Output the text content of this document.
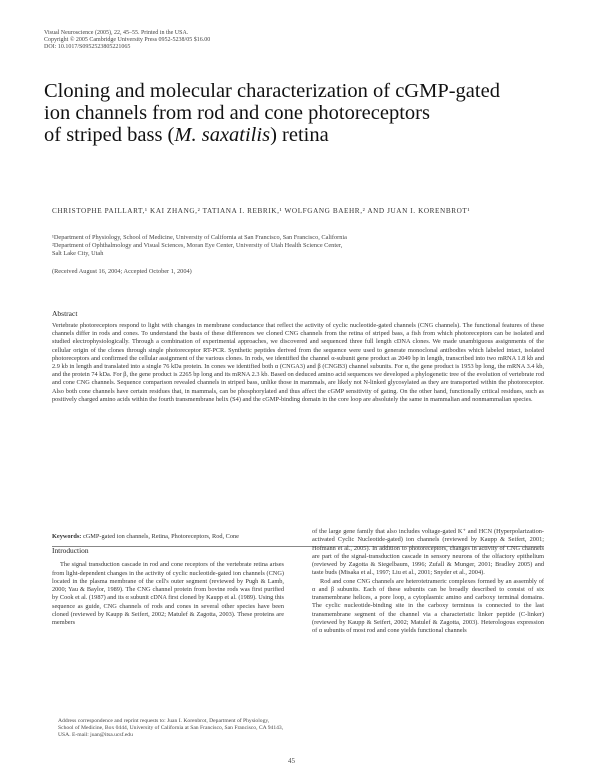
Visual Neuroscience (2005), 22, 45–55. Printed in the USA.
Copyright © 2005 Cambridge University Press 0952-5238/05 $16.00
DOI: 10.1017/S0952523805221065
Cloning and molecular characterization of cGMP-gated
ion channels from rod and cone photoreceptors
of striped bass (M. saxatilis) retina
CHRISTOPHE PAILLART,¹ KAI ZHANG,² TATIANA I. REBRIK,¹ WOLFGANG BAEHR,² AND JUAN I. KORENBROT¹
¹Department of Physiology, School of Medicine, University of California at San Francisco, San Francisco, California
²Department of Ophthalmology and Visual Sciences, Moran Eye Center, University of Utah Health Science Center,
Salt Lake City, Utah
(Received August 16, 2004; Accepted October 1, 2004)
Abstract
Vertebrate photoreceptors respond to light with changes in membrane conductance that reflect the activity of cyclic nucleotide-gated channels (CNG channels). The functional features of these channels differ in rods and cones. To understand the basis of these differences we cloned CNG channels from the retina of striped bass, a fish from which photoreceptors can be isolated and studied electrophysiologically. Through a combination of experimental approaches, we discovered and sequenced three full length cDNA clones. We made unambiguous assignments of the cellular origin of the clones through single photoreceptor RT-PCR. Synthetic peptides derived from the sequence were used to generate monoclonal antibodies which labeled intact, isolated photoreceptors and confirmed the cellular assignment of the various clones. In rods, we identified the channel α-subunit gene product as 2049 bp in length, transcribed into two mRNA 1.8 kb and 2.9 kb in length and translated into a single 76 kDa protein. In cones we identified both α (CNGA3) and β (CNGB3) channel subunits. For α, the gene product is 1953 bp long, the mRNA 3.4 kb, and the protein 74 kDa. For β, the gene product is 2265 bp long and its mRNA 2.3 kb. Based on deduced amino acid sequences we developed a phylogenetic tree of the evolution of vertebrate rod and cone CNG channels. Sequence comparison revealed channels in striped bass, unlike those in mammals, are likely not N-linked glycosylated as they are transported within the photoreceptor. Also both cone channels have certain residues that, in mammals, can be phosphorylated and thus affect the cGMP sensitivity of gating. On the other hand, functionally critical residues, such as positively charged amino acids within the fourth transmembrane helix (S4) and the cGMP-binding domain in the core loop are absolutely the same in mammalian and nonmammalian species.
Keywords: cGMP-gated ion channels, Retina, Photoreceptors, Rod, Cone
Introduction

The signal transduction cascade in rod and cone receptors of the vertebrate retina arises from light-dependent changes in the activity of cyclic nucleotide-gated ion channels (CNG) located in the plasma membrane of the cell's outer segment (reviewed by Pugh & Lamb, 2000; Yau & Baylor, 1989). The CNG channel protein from bovine rods was first purified by Cook et al. (1987) and its α subunit cDNA first cloned by Kaupp et al. (1989). Using this sequence as guide, CNG channels of rods and cones in several other species have been cloned (reviewed by Kaupp & Seifert, 2002; Matulef & Zagotta, 2003). These proteins are members

of the large gene family that also includes voltage-gated K⁺ and HCN (Hyperpolarization-activated Cyclic Nucleotide-gated) ion channels (reviewed by Kaupp & Seifert, 2001; Hofmann et al., 2005). In addition to photoreceptors, changes in activity of CNG channels are part of the signal-transduction cascade in sensory neurons of the olfactory epithelium (reviewed by Zagotta & Siegelbaum, 1996; Zufall & Munger, 2001; Bradley 2005) and taste buds (Misaka et al., 1997; Liu et al., 2001; Snyder et al., 2004).

Rod and cone CNG channels are heterotetrameric complexes formed by an assembly of α and β subunits. Each of these subunits can be broadly described to consist of six transmembrane helices, a pore loop, a cytoplasmic amino and carboxy terminal domains. The cyclic nucleotide-binding site in the carboxy terminus is connected to the last transmembrane segment of the channel via a characteristic linker peptide (C-linker) (reviewed by Kaupp & Seifert, 2002; Matulef & Zagotta, 2003). Heterologous expression of α subunits of most rod and cone yields functional channels

Address correspondence and reprint requests to: Juan I. Korenbrot, Department of Physiology, School of Medicine, Box 0444, University of California at San Francisco, San Francisco, CA 94143, USA. E-mail: juan@itsa.ucsf.edu
45
